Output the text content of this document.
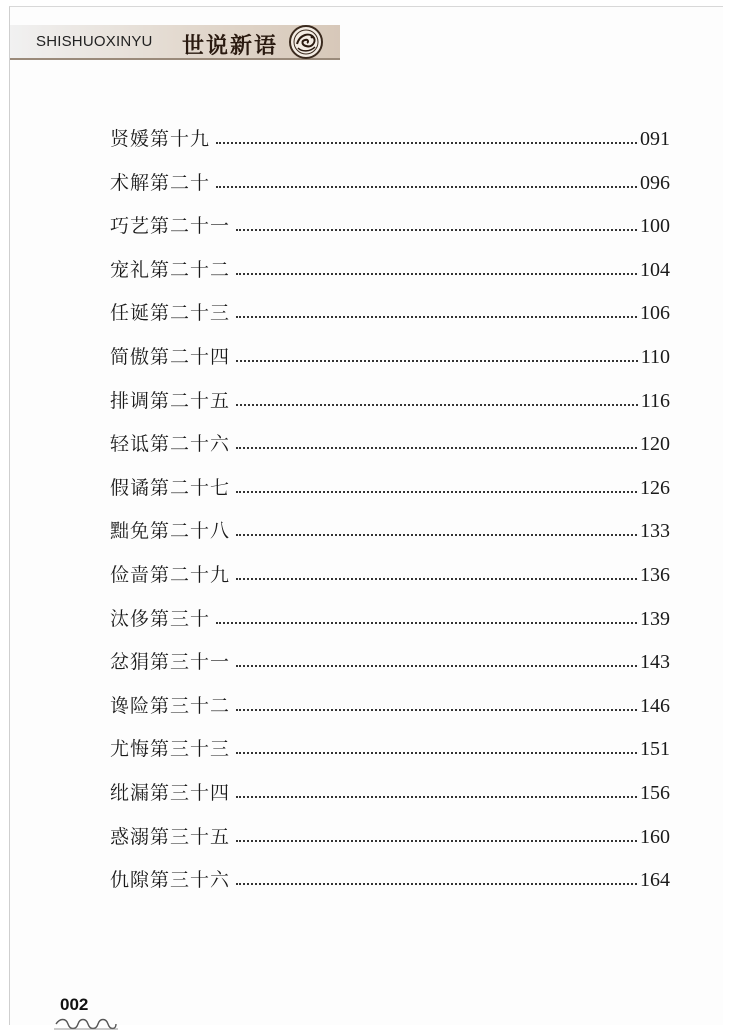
SHISHUOXINYU 世说新语
贤媛第十九	091
术解第二十	096
巧艺第二十一	100
宠礼第二十二	104
任诞第二十三	106
简傲第二十四	110
排调第二十五	116
轻诋第二十六	120
假谲第二十七	126
黜免第二十八	133
俭啬第二十九	136
汰侈第三十	139
忿狷第三十一	143
谗险第三十二	146
尤悔第三十三	151
纰漏第三十四	156
惑溺第三十五	160
仇隙第三十六	164
002
